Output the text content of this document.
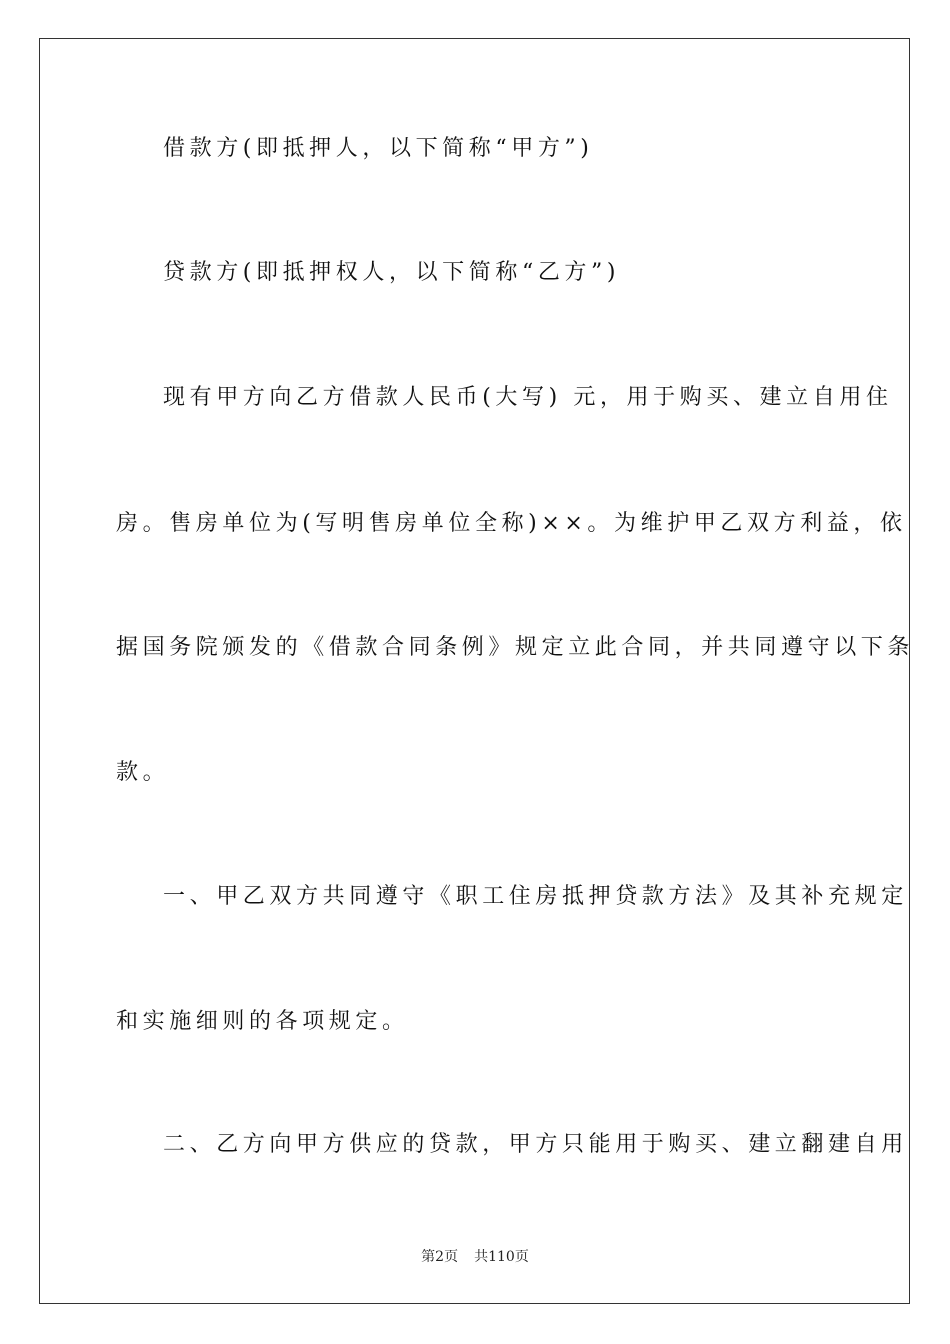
借款方(即抵押人，以下简称“甲方”)
贷款方(即抵押权人，以下简称“乙方”)
现有甲方向乙方借款人民币(大写) 元，用于购买、建立自用住
房。售房单位为(写明售房单位全称)××。为维护甲乙双方利益，依
据国务院颁发的《借款合同条例》规定立此合同，并共同遵守以下条
款。
一、甲乙双方共同遵守《职工住房抵押贷款方法》及其补充规定
和实施细则的各项规定。
二、乙方向甲方供应的贷款，甲方只能用于购买、建立翻建自用
第2页 共110页
